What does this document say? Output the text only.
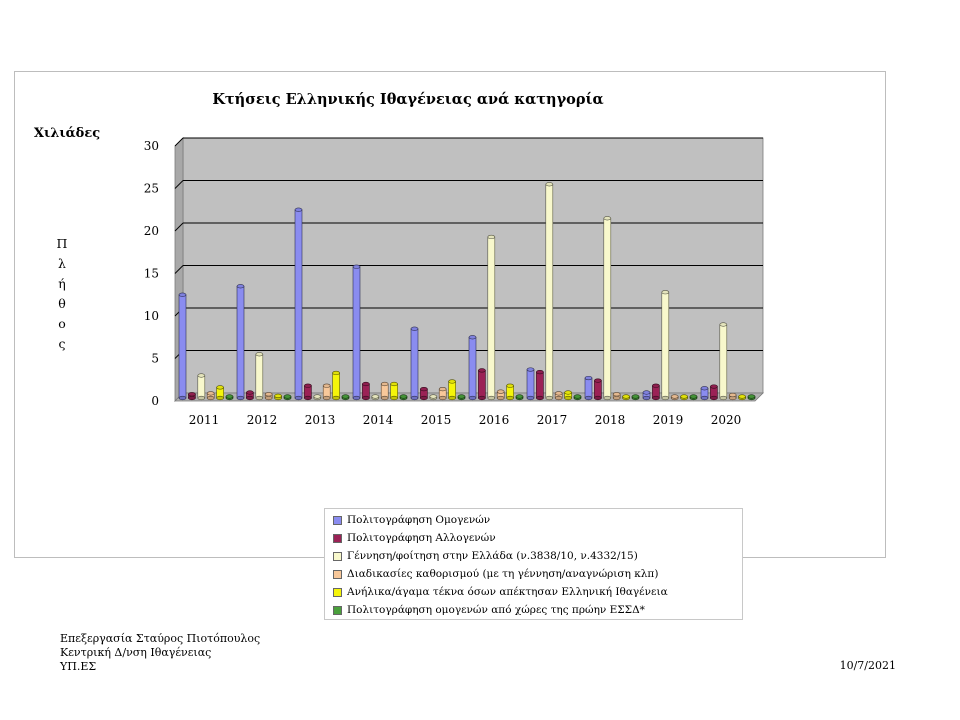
Κτήσεις Ελληνικής Ιθαγένειας ανά κατηγορία
Χιλιάδες
Π
λ
ή
θ
ο
ς
0
5
10
15
20
25
30
2011 2012 2013 2014 2015 2016 2017 2018 2019 2020
Πολιτογράφηση Ομογενών
Πολιτογράφηση Αλλογενών
Γέννηση/φοίτηση στην Ελλάδα (ν.3838/10, ν.4332/15)
Διαδικασίες καθορισμού (με τη γέννηση/αναγνώριση κλπ)
Ανήλικα/άγαμα τέκνα όσων απέκτησαν Ελληνική Ιθαγένεια
Πολιτογράφηση ομογενών από χώρες της πρώην ΕΣΣΔ*
Επεξεργασία Σταύρος Πιοτόπουλος
Κεντρική Δ/νση Ιθαγένειας
ΥΠ.ΕΣ	10/7/2021
